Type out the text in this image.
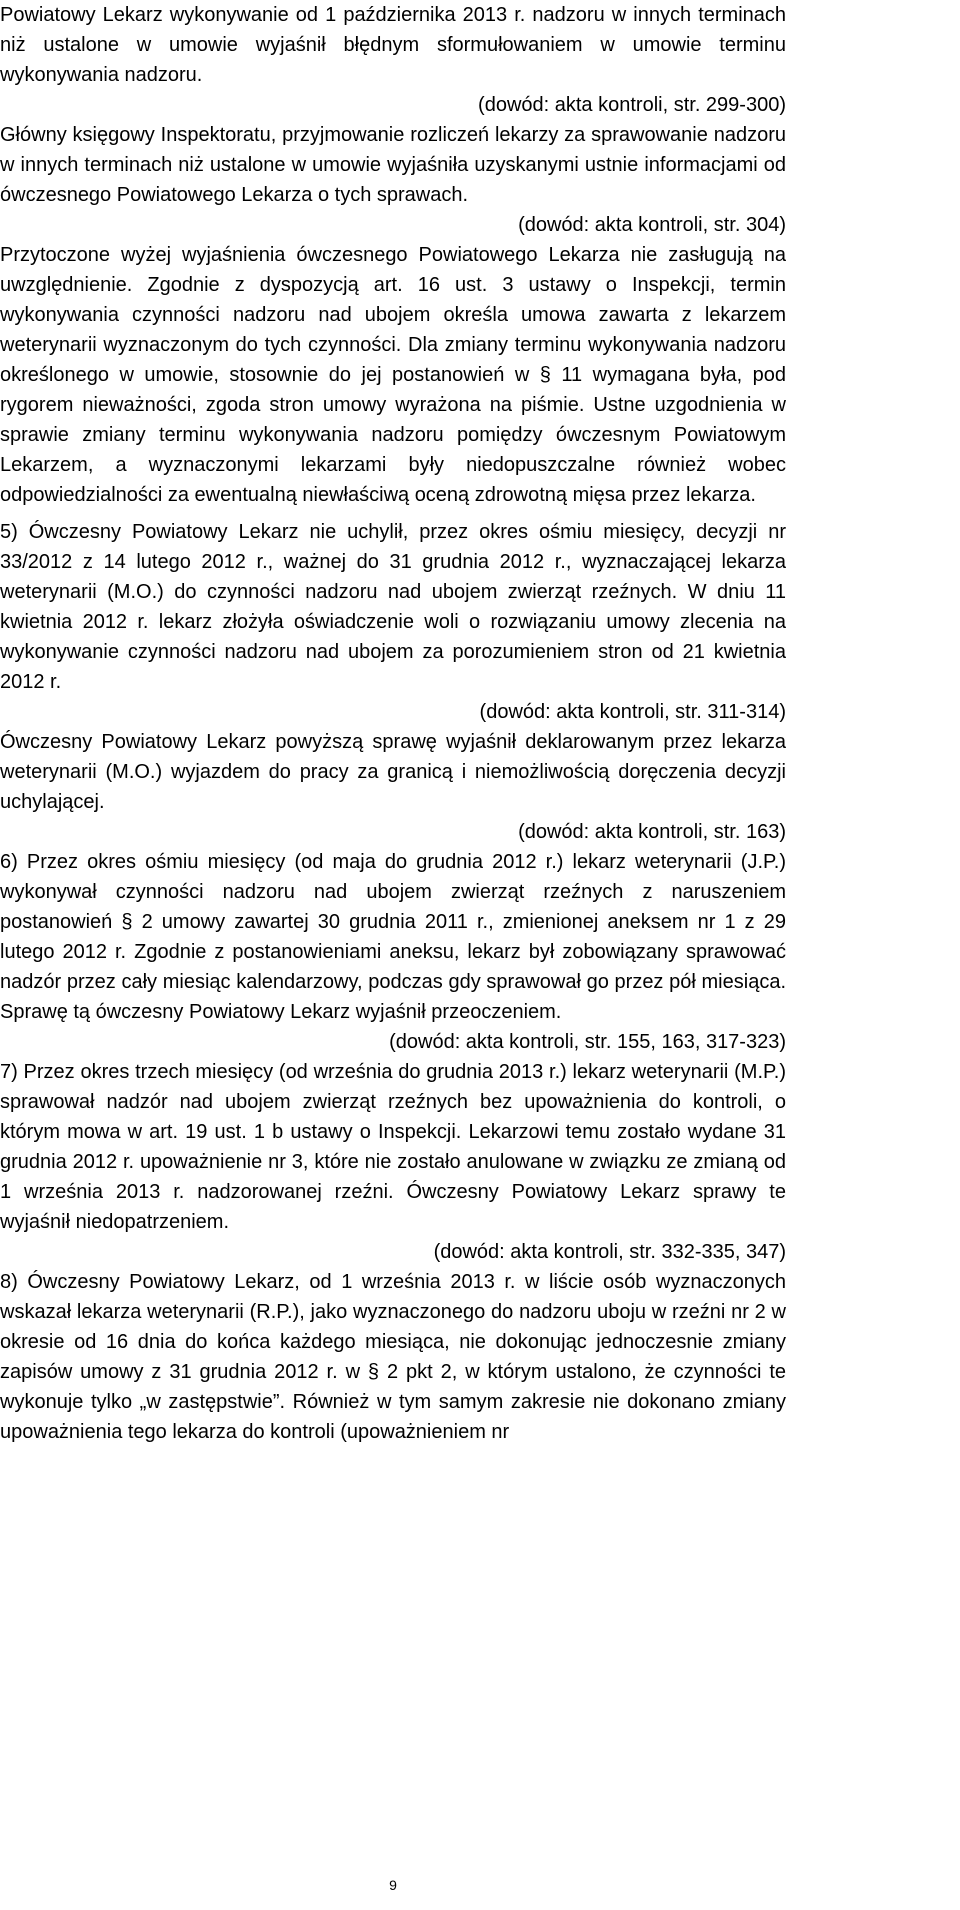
Powiatowy Lekarz wykonywanie od 1 października 2013 r. nadzoru w innych terminach niż ustalone w umowie wyjaśnił błędnym sformułowaniem w umowie terminu wykonywania nadzoru.

(dowód: akta kontroli, str. 299-300)

Główny księgowy Inspektoratu, przyjmowanie rozliczeń lekarzy za sprawowanie nadzoru w innych terminach niż ustalone w umowie wyjaśniła uzyskanymi ustnie informacjami od ówczesnego Powiatowego Lekarza o tych sprawach.

(dowód: akta kontroli, str. 304)

Przytoczone wyżej wyjaśnienia ówczesnego Powiatowego Lekarza nie zasługują na uwzględnienie. Zgodnie z dyspozycją art. 16 ust. 3 ustawy o Inspekcji, termin wykonywania czynności nadzoru nad ubojem określa umowa zawarta z lekarzem weterynarii wyznaczonym do tych czynności. Dla zmiany terminu wykonywania nadzoru określonego w umowie, stosownie do jej postanowień w § 11 wymagana była, pod rygorem nieważności, zgoda stron umowy wyrażona na piśmie. Ustne uzgodnienia w sprawie zmiany terminu wykonywania nadzoru pomiędzy ówczesnym Powiatowym Lekarzem, a wyznaczonymi lekarzami były niedopuszczalne również wobec odpowiedzialności za ewentualną niewłaściwą oceną zdrowotną mięsa przez lekarza.

5) Ówczesny Powiatowy Lekarz nie uchylił, przez okres ośmiu miesięcy, decyzji nr 33/2012 z 14 lutego 2012 r., ważnej do 31 grudnia 2012 r., wyznaczającej lekarza weterynarii (M.O.) do czynności nadzoru nad ubojem zwierząt rzeźnych. W dniu 11 kwietnia 2012 r. lekarz złożyła oświadczenie woli o rozwiązaniu umowy zlecenia na wykonywanie czynności nadzoru nad ubojem za porozumieniem stron od 21 kwietnia 2012 r.

(dowód: akta kontroli, str. 311-314)

Ówczesny Powiatowy Lekarz powyższą sprawę wyjaśnił deklarowanym przez lekarza weterynarii (M.O.) wyjazdem do pracy za granicą i niemożliwością doręczenia decyzji uchylającej.

(dowód: akta kontroli, str. 163)

6) Przez okres ośmiu miesięcy (od maja do grudnia 2012 r.) lekarz weterynarii (J.P.) wykonywał czynności nadzoru nad ubojem zwierząt rzeźnych z naruszeniem postanowień § 2 umowy zawartej 30 grudnia 2011 r., zmienionej aneksem nr 1 z 29 lutego 2012 r. Zgodnie z postanowieniami aneksu, lekarz był zobowiązany sprawować nadzór przez cały miesiąc kalendarzowy, podczas gdy sprawował go przez pół miesiąca. Sprawę tą ówczesny Powiatowy Lekarz wyjaśnił przeoczeniem.

(dowód: akta kontroli, str. 155, 163, 317-323)

7) Przez okres trzech miesięcy (od września do grudnia 2013 r.) lekarz weterynarii (M.P.) sprawował nadzór nad ubojem zwierząt rzeźnych bez upoważnienia do kontroli, o którym mowa w art. 19 ust. 1 b ustawy o Inspekcji. Lekarzowi temu zostało wydane 31 grudnia 2012 r. upoważnienie nr 3, które nie zostało anulowane w związku ze zmianą od 1 września 2013 r. nadzorowanej rzeźni. Ówczesny Powiatowy Lekarz sprawy te wyjaśnił niedopatrzeniem.

(dowód: akta kontroli, str. 332-335, 347)

8) Ówczesny Powiatowy Lekarz, od 1 września 2013 r. w liście osób wyznaczonych wskazał lekarza weterynarii (R.P.), jako wyznaczonego do nadzoru uboju w rzeźni nr 2 w okresie od 16 dnia do końca każdego miesiąca, nie dokonując jednoczesnie zmiany zapisów umowy z 31 grudnia 2012 r. w § 2 pkt 2, w którym ustalono, że czynności te wykonuje tylko „w zastępstwie”. Również w tym samym zakresie nie dokonano zmiany upoważnienia tego lekarza do kontroli (upoważnieniem nr

9
